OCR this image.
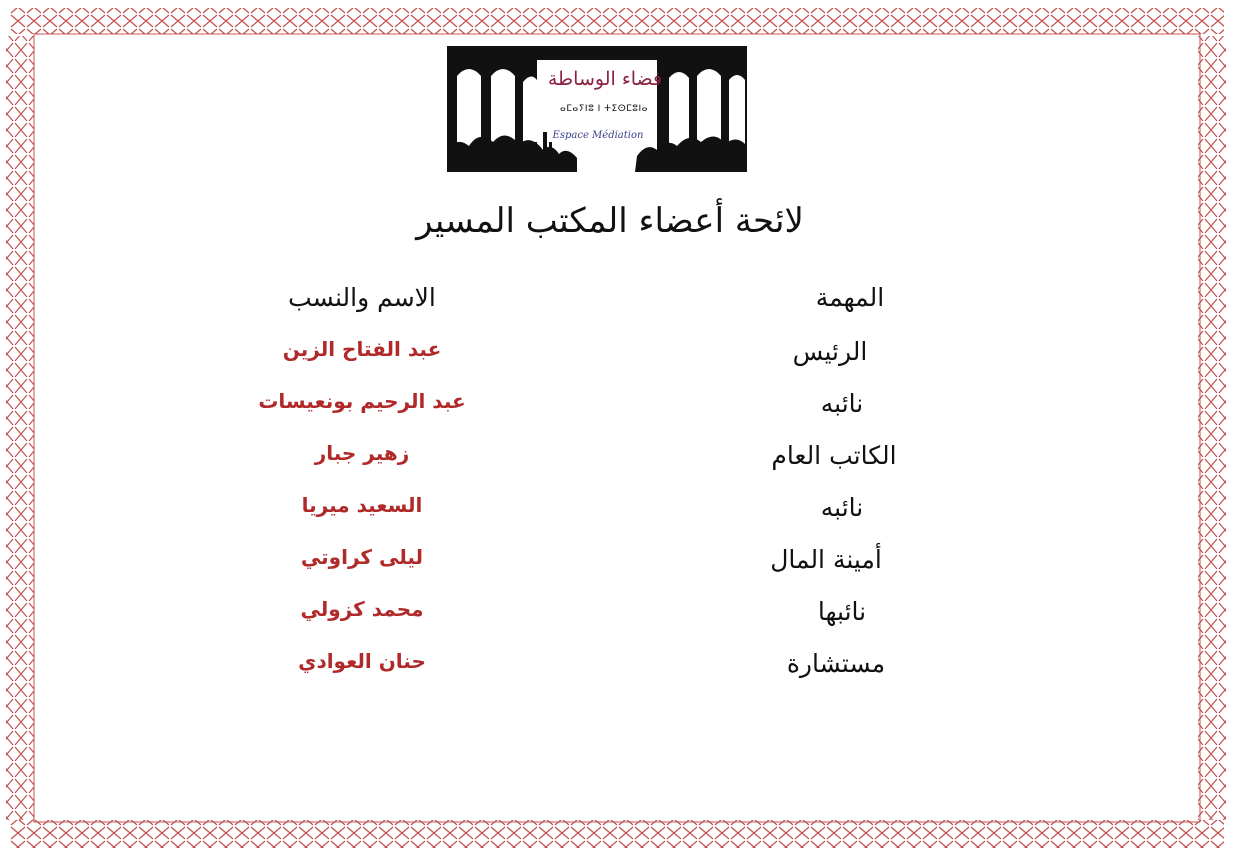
فضاء الوساطة
ⴰⵎⴰⵢⵏⵓ ⵏ ⵜⵉⵙⵎⵓⵏⴰ
Espace Médiation
لائحة أعضاء المكتب المسير
المهمة
الاسم والنسب
الرئيس
عبد الفتاح الزين
نائبه
عبد الرحيم بونعيسات
الكاتب العام
زهير جبار
نائبه
السعيد ميريا
أمينة المال
ليلى كراوتي
نائبها
محمد كزولي
مستشارة
حنان العوادي
